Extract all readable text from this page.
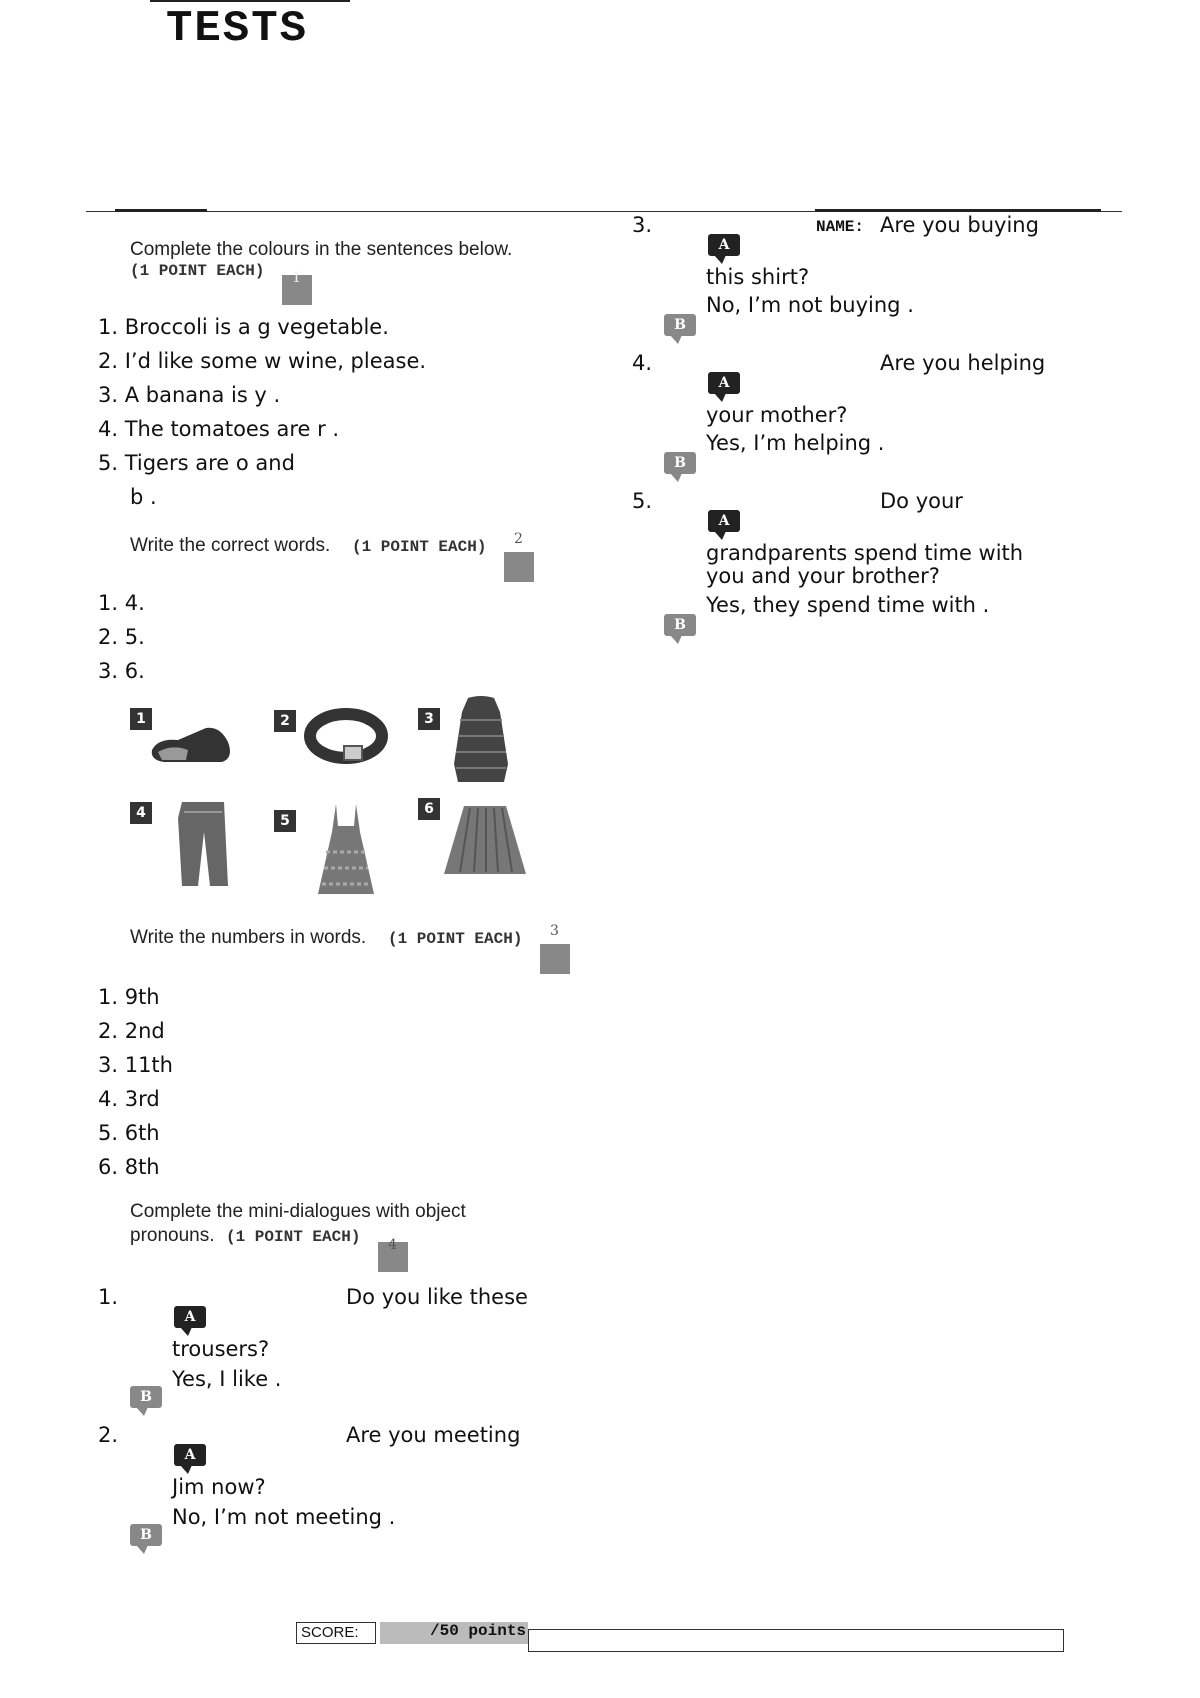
TESTS
Complete the colours in the sentences below.
(1 POINT EACH) 1
1. Broccoli is a g vegetable.
2. I’d like some w wine, please.
3. A banana is y .
4. The tomatoes are r .
5. Tigers are o and
b .
Write the correct words. (1 POINT EACH) 2
1. 4.
2. 5.
3. 6.
1	2	3
4	5
6
Write the numbers in words. (1 POINT EACH) 3
1. 9th
2. 2nd
3. 11th
4. 3rd
5. 6th
6. 8th
Complete the mini-dialogues with object
pronouns. (1 POINT EACH) 4
1.	Do you like these
A
trousers?
Yes, I like .
B
2.	Are you meeting
A
Jim now?
No, I’m not meeting .
B
NAME:
3.	Are you buying
A
this shirt?
No, I’m not buying .
B
4.	Are you helping
A
your mother?
Yes, I’m helping .
B
5.	Do your
A
grandparents spend time with
you and your brother?
Yes, they spend time with .
B
SCORE:	/50 points
